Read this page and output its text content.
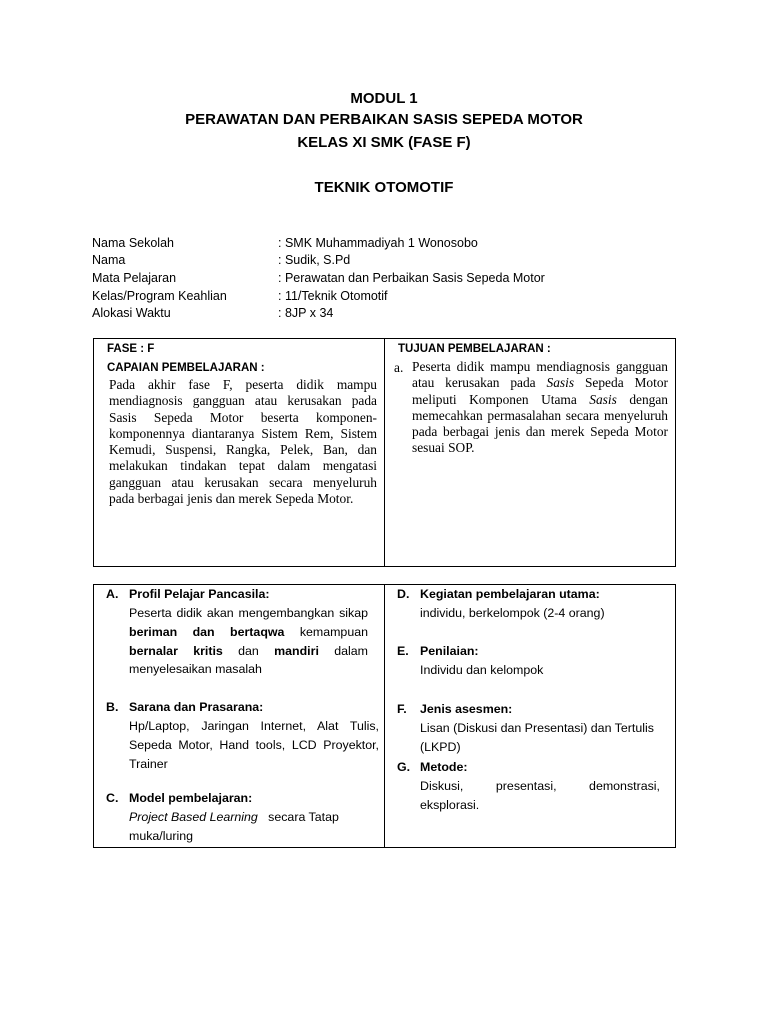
MODUL 1
PERAWATAN DAN PERBAIKAN SASIS SEPEDA MOTOR
KELAS XI SMK (FASE F)
TEKNIK OTOMOTIF
Nama Sekolah	: SMK Muhammadiyah 1 Wonosobo
Nama	: Sudik, S.Pd
Mata Pelajaran	: Perawatan dan Perbaikan Sasis Sepeda Motor
Kelas/Program Keahlian	: 11/Teknik Otomotif
Alokasi Waktu	: 8JP x 34
FASE : F
CAPAIAN PEMBELAJARAN :
Pada akhir fase F, peserta didik mampu mendiagnosis gangguan atau kerusakan pada Sasis Sepeda Motor beserta komponen-komponennya diantaranya Sistem Rem, Sistem Kemudi, Suspensi, Rangka, Pelek, Ban, dan melakukan tindakan tepat dalam mengatasi gangguan atau kerusakan secara menyeluruh pada berbagai jenis dan merek Sepeda Motor.
TUJUAN PEMBELAJARAN :
a. Peserta didik mampu mendiagnosis gangguan atau kerusakan pada Sasis Sepeda Motor meliputi Komponen Utama Sasis dengan memecahkan permasalahan secara menyeluruh pada berbagai jenis dan merek Sepeda Motor sesuai SOP.
A. Profil Pelajar Pancasila:
Peserta didik akan mengembangkan sikap beriman dan bertaqwa kemampuan bernalar kritis dan mandiri dalam menyelesaikan masalah
B. Sarana dan Prasarana:
Hp/Laptop, Jaringan Internet, Alat Tulis, Sepeda Motor, Hand tools, LCD Proyektor, Trainer
C. Model pembelajaran:
Project Based Learning secara Tatap muka/luring
D. Kegiatan pembelajaran utama:
individu, berkelompok (2-4 orang)
E. Penilaian:
Individu dan kelompok
F. Jenis asesmen:
Lisan (Diskusi dan Presentasi) dan Tertulis (LKPD)
G. Metode:
Diskusi, presentasi, demonstrasi, eksplorasi.
